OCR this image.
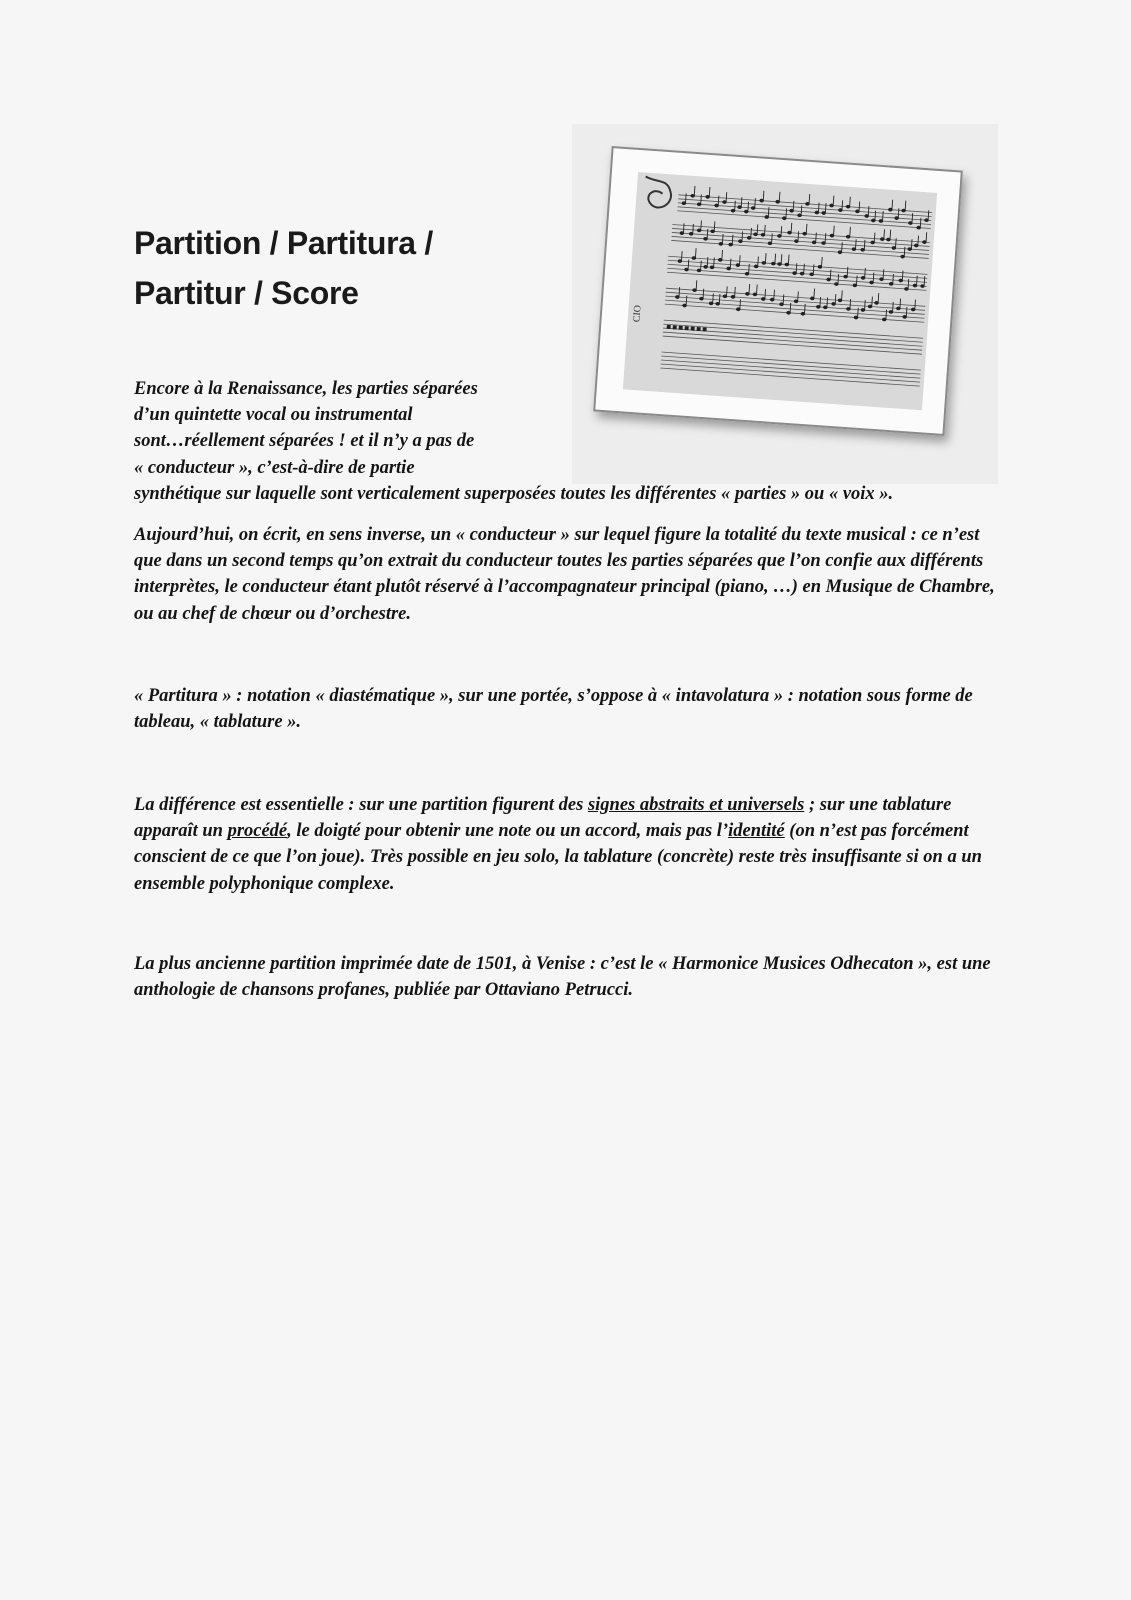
Partition / Partitura /
Partitur / Score
CIO

Encore à la Renaissance, les parties séparées
d’un quintette vocal ou instrumental
sont…réellement séparées ! et il n’y a pas de
« conducteur », c’est-à-dire de partie
synthétique sur laquelle sont verticalement superposées toutes les différentes « parties » ou « voix ».

Aujourd’hui, on écrit, en sens inverse, un « conducteur » sur lequel figure la totalité du texte musical : ce n’est que dans un second temps qu’on extrait du conducteur toutes les parties séparées que l’on confie aux différents interprètes, le conducteur étant plutôt réservé à l’accompagnateur principal (piano, …) en Musique de Chambre, ou au chef de chœur ou d’orchestre.

« Partitura » : notation « diastématique », sur une portée, s’oppose à « intavolatura » : notation sous forme de tableau, « tablature ».

La différence est essentielle : sur une partition figurent des signes abstraits et universels ; sur une tablature apparaît un procédé, le doigté pour obtenir une note ou un accord, mais pas l’identité (on n’est pas forcément conscient de ce que l’on joue). Très possible en jeu solo, la tablature (concrète) reste très insuffisante si on a un ensemble polyphonique complexe.

La plus ancienne partition imprimée date de 1501, à Venise : c’est le « Harmonice Musices Odhecaton », est une anthologie de chansons profanes, publiée par Ottaviano Petrucci.
